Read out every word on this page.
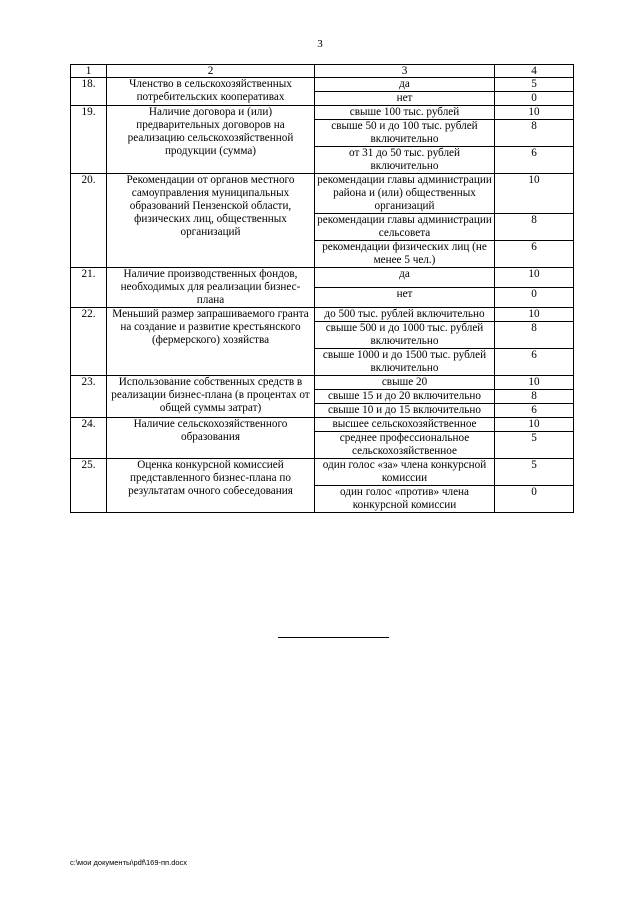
3
1	2	3	4
18.	Членство в сельскохозяйственных потребительских кооперативах	да	5
		нет	0
19.	Наличие договора и (или) предварительных договоров на реализацию сельскохозяйственной продукции (сумма)	свыше 100 тыс. рублей	10
		свыше 50 и до 100 тыс. рублей включительно	8
		от 31 до 50 тыс. рублей включительно	6
20.	Рекомендации от органов местного самоуправления муниципальных образований Пензенской области, физических лиц, общественных организаций	рекомендации главы администрации района и (или) общественных организаций	10
		рекомендации главы администрации сельсовета	8
		рекомендации физических лиц (не менее 5 чел.)	6
21.	Наличие производственных фондов, необходимых для реализации бизнес-плана	да	10
		нет	0
22.	Меньший размер запрашиваемого гранта на создание и развитие крестьянского (фермерского) хозяйства	до 500 тыс. рублей включительно	10
		свыше 500 и до 1000 тыс. рублей включительно	8
		свыше 1000 и до 1500 тыс. рублей включительно	6
23.	Использование собственных средств в реализации бизнес-плана (в процентах от общей суммы затрат)	свыше 20	10
		свыше 15 и до 20 включительно	8
		свыше 10 и до 15 включительно	6
24.	Наличие сельскохозяйственного образования	высшее сельскохозяйственное	10
		среднее профессиональное сельскохозяйственное	5
25.	Оценка конкурсной комиссией представленного бизнес-плана по результатам очного собеседования	один голос «за» члена конкурсной комиссии	5
		один голос «против» члена конкурсной комиссии	0
c:\мои документы\pdf\169-пп.docx
